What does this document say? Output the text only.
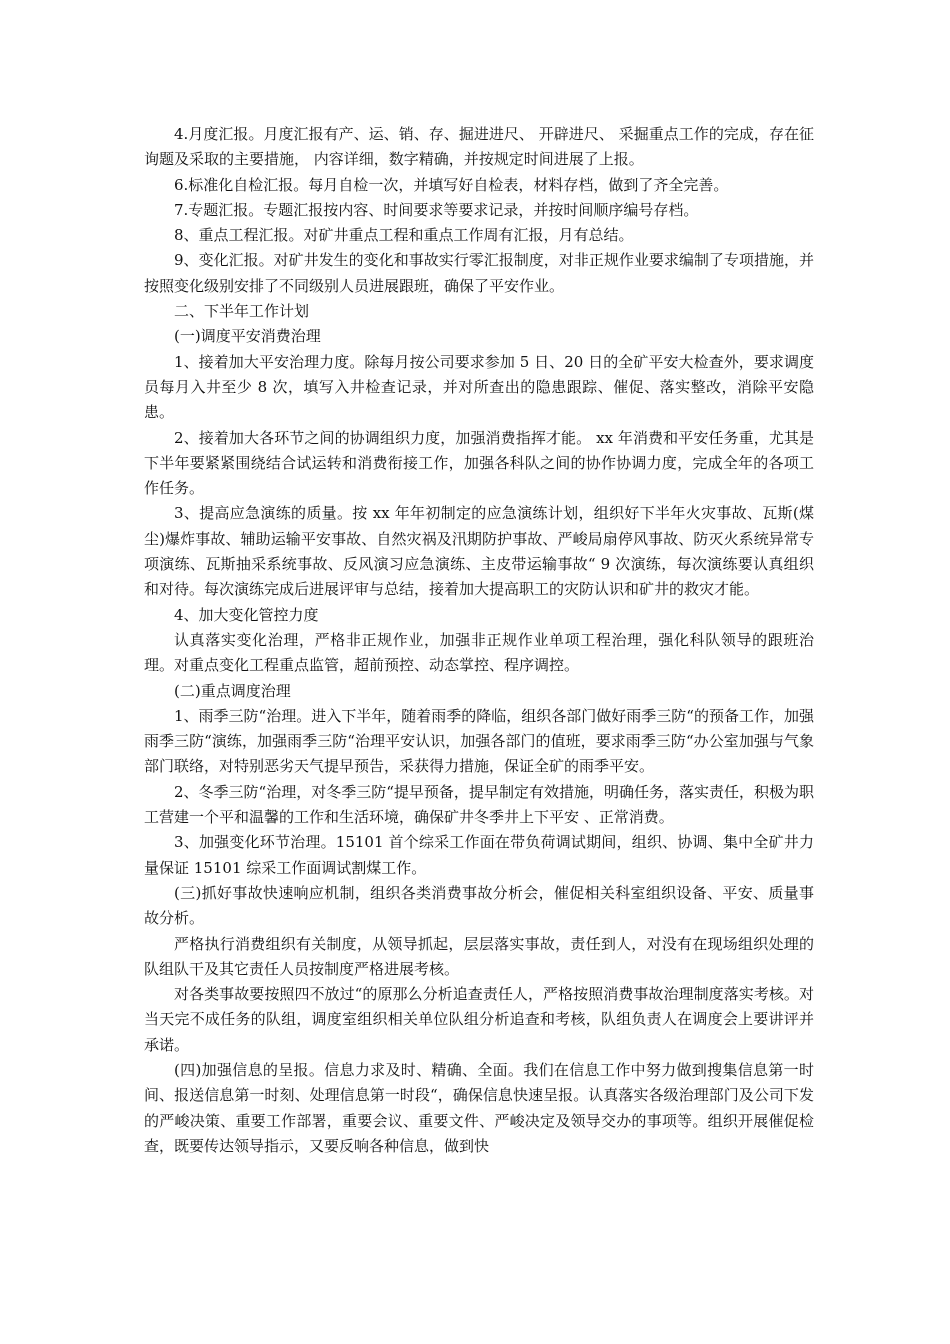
4.月度汇报。月度汇报有产、运、销、存、掘进进尺、 开辟进尺、 采掘重点工作的完成，存在征询题及采取的主要措施， 内容详细，数字精确，并按规定时间进展了上报。

6.标准化自检汇报。每月自检一次，并填写好自检表，材料存档，做到了齐全完善。

7.专题汇报。专题汇报按内容、时间要求等要求记录，并按时间顺序编号存档。

8、重点工程汇报。对矿井重点工程和重点工作周有汇报，月有总结。

9、变化汇报。对矿井发生的变化和事故实行零汇报制度，对非正规作业要求编制了专项措施，并按照变化级别安排了不同级别人员进展跟班，确保了平安作业。

二、下半年工作计划

(一)调度平安消费治理

1、接着加大平安治理力度。除每月按公司要求参加 5 日、20 日的全矿平安大检查外，要求调度员每月入井至少 8 次，填写入井检查记录，并对所查出的隐患跟踪、催促、落实整改，消除平安隐患。

2、接着加大各环节之间的协调组织力度，加强消费指挥才能。 xx 年消费和平安任务重，尤其是下半年要紧紧围绕结合试运转和消费衔接工作，加强各科队之间的协作协调力度，完成全年的各项工作任务。

3、提高应急演练的质量。按 xx 年年初制定的应急演练计划，组织好下半年火灾事故、瓦斯(煤尘)爆炸事故、辅助运输平安事故、自然灾祸及汛期防护事故、严峻局扇停风事故、防灭火系统异常专项演练、瓦斯抽采系统事故、反风演习应急演练、主皮带运输事故“ 9 次演练，每次演练要认真组织和对待。每次演练完成后进展评审与总结，接着加大提高职工的灾防认识和矿井的救灾才能。

4、加大变化管控力度

认真落实变化治理，严格非正规作业，加强非正规作业单项工程治理，强化科队领导的跟班治理。对重点变化工程重点监管，超前预控、动态掌控、程序调控。

(二)重点调度治理

1、雨季三防“治理。进入下半年，随着雨季的降临，组织各部门做好雨季三防“的预备工作，加强雨季三防“演练，加强雨季三防“治理平安认识，加强各部门的值班，要求雨季三防“办公室加强与气象部门联络，对特别恶劣天气提早预告，采获得力措施，保证全矿的雨季平安。

2、冬季三防“治理，对冬季三防“提早预备，提早制定有效措施，明确任务，落实责任，积极为职工营建一个平和温馨的工作和生活环境，确保矿井冬季井上下平安 、正常消费。

3、加强变化环节治理。15101 首个综采工作面在带负荷调试期间，组织、协调、集中全矿井力量保证 15101 综采工作面调试割煤工作。

(三)抓好事故快速响应机制，组织各类消费事故分析会，催促相关科室组织设备、平安、质量事故分析。

严格执行消费组织有关制度，从领导抓起，层层落实事故，责任到人，对没有在现场组织处理的队组队干及其它责任人员按制度严格进展考核。

对各类事故要按照四不放过“的原那么分析追查责任人，严格按照消费事故治理制度落实考核。对当天完不成任务的队组，调度室组织相关单位队组分析追查和考核，队组负责人在调度会上要讲评并承诺。

(四)加强信息的呈报。信息力求及时、精确、全面。我们在信息工作中努力做到搜集信息第一时间、报送信息第一时刻、处理信息第一时段“，确保信息快速呈报。认真落实各级治理部门及公司下发的严峻决策、重要工作部署，重要会议、重要文件、严峻决定及领导交办的事项等。组织开展催促检查，既要传达领导指示，又要反响各种信息，做到快
